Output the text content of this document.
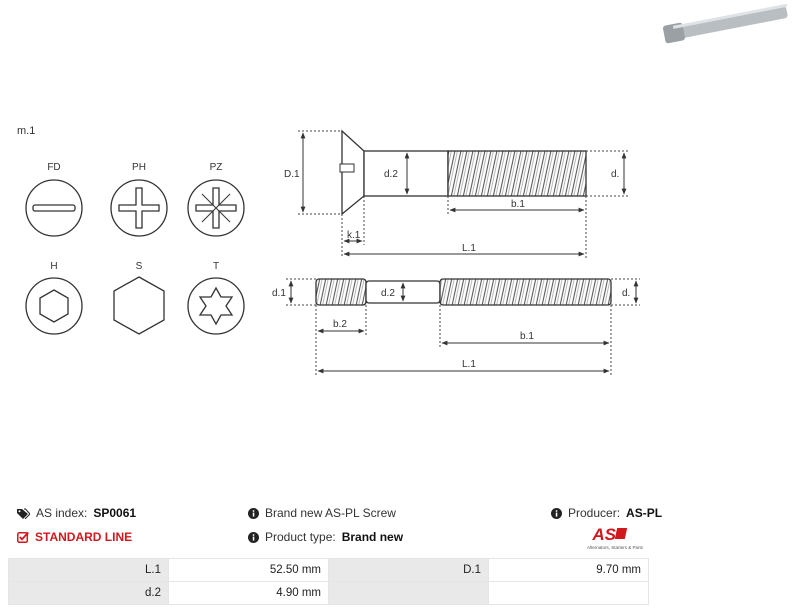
m.1
FD	PH	PZ
H	S	T
D.1	d.2	d.
b.1
k.1
L.1
d.1	d.2	d.
b.2
b.1
L.1
AS index: SP0061
STANDARD LINE
Brand new AS-PL Screw
Product type: Brand new
Producer: AS-PL
AS
Alternators, Starters & Parts
L.1	52.50 mm	D.1	9.70 mm
d.2	4.90 mm		
